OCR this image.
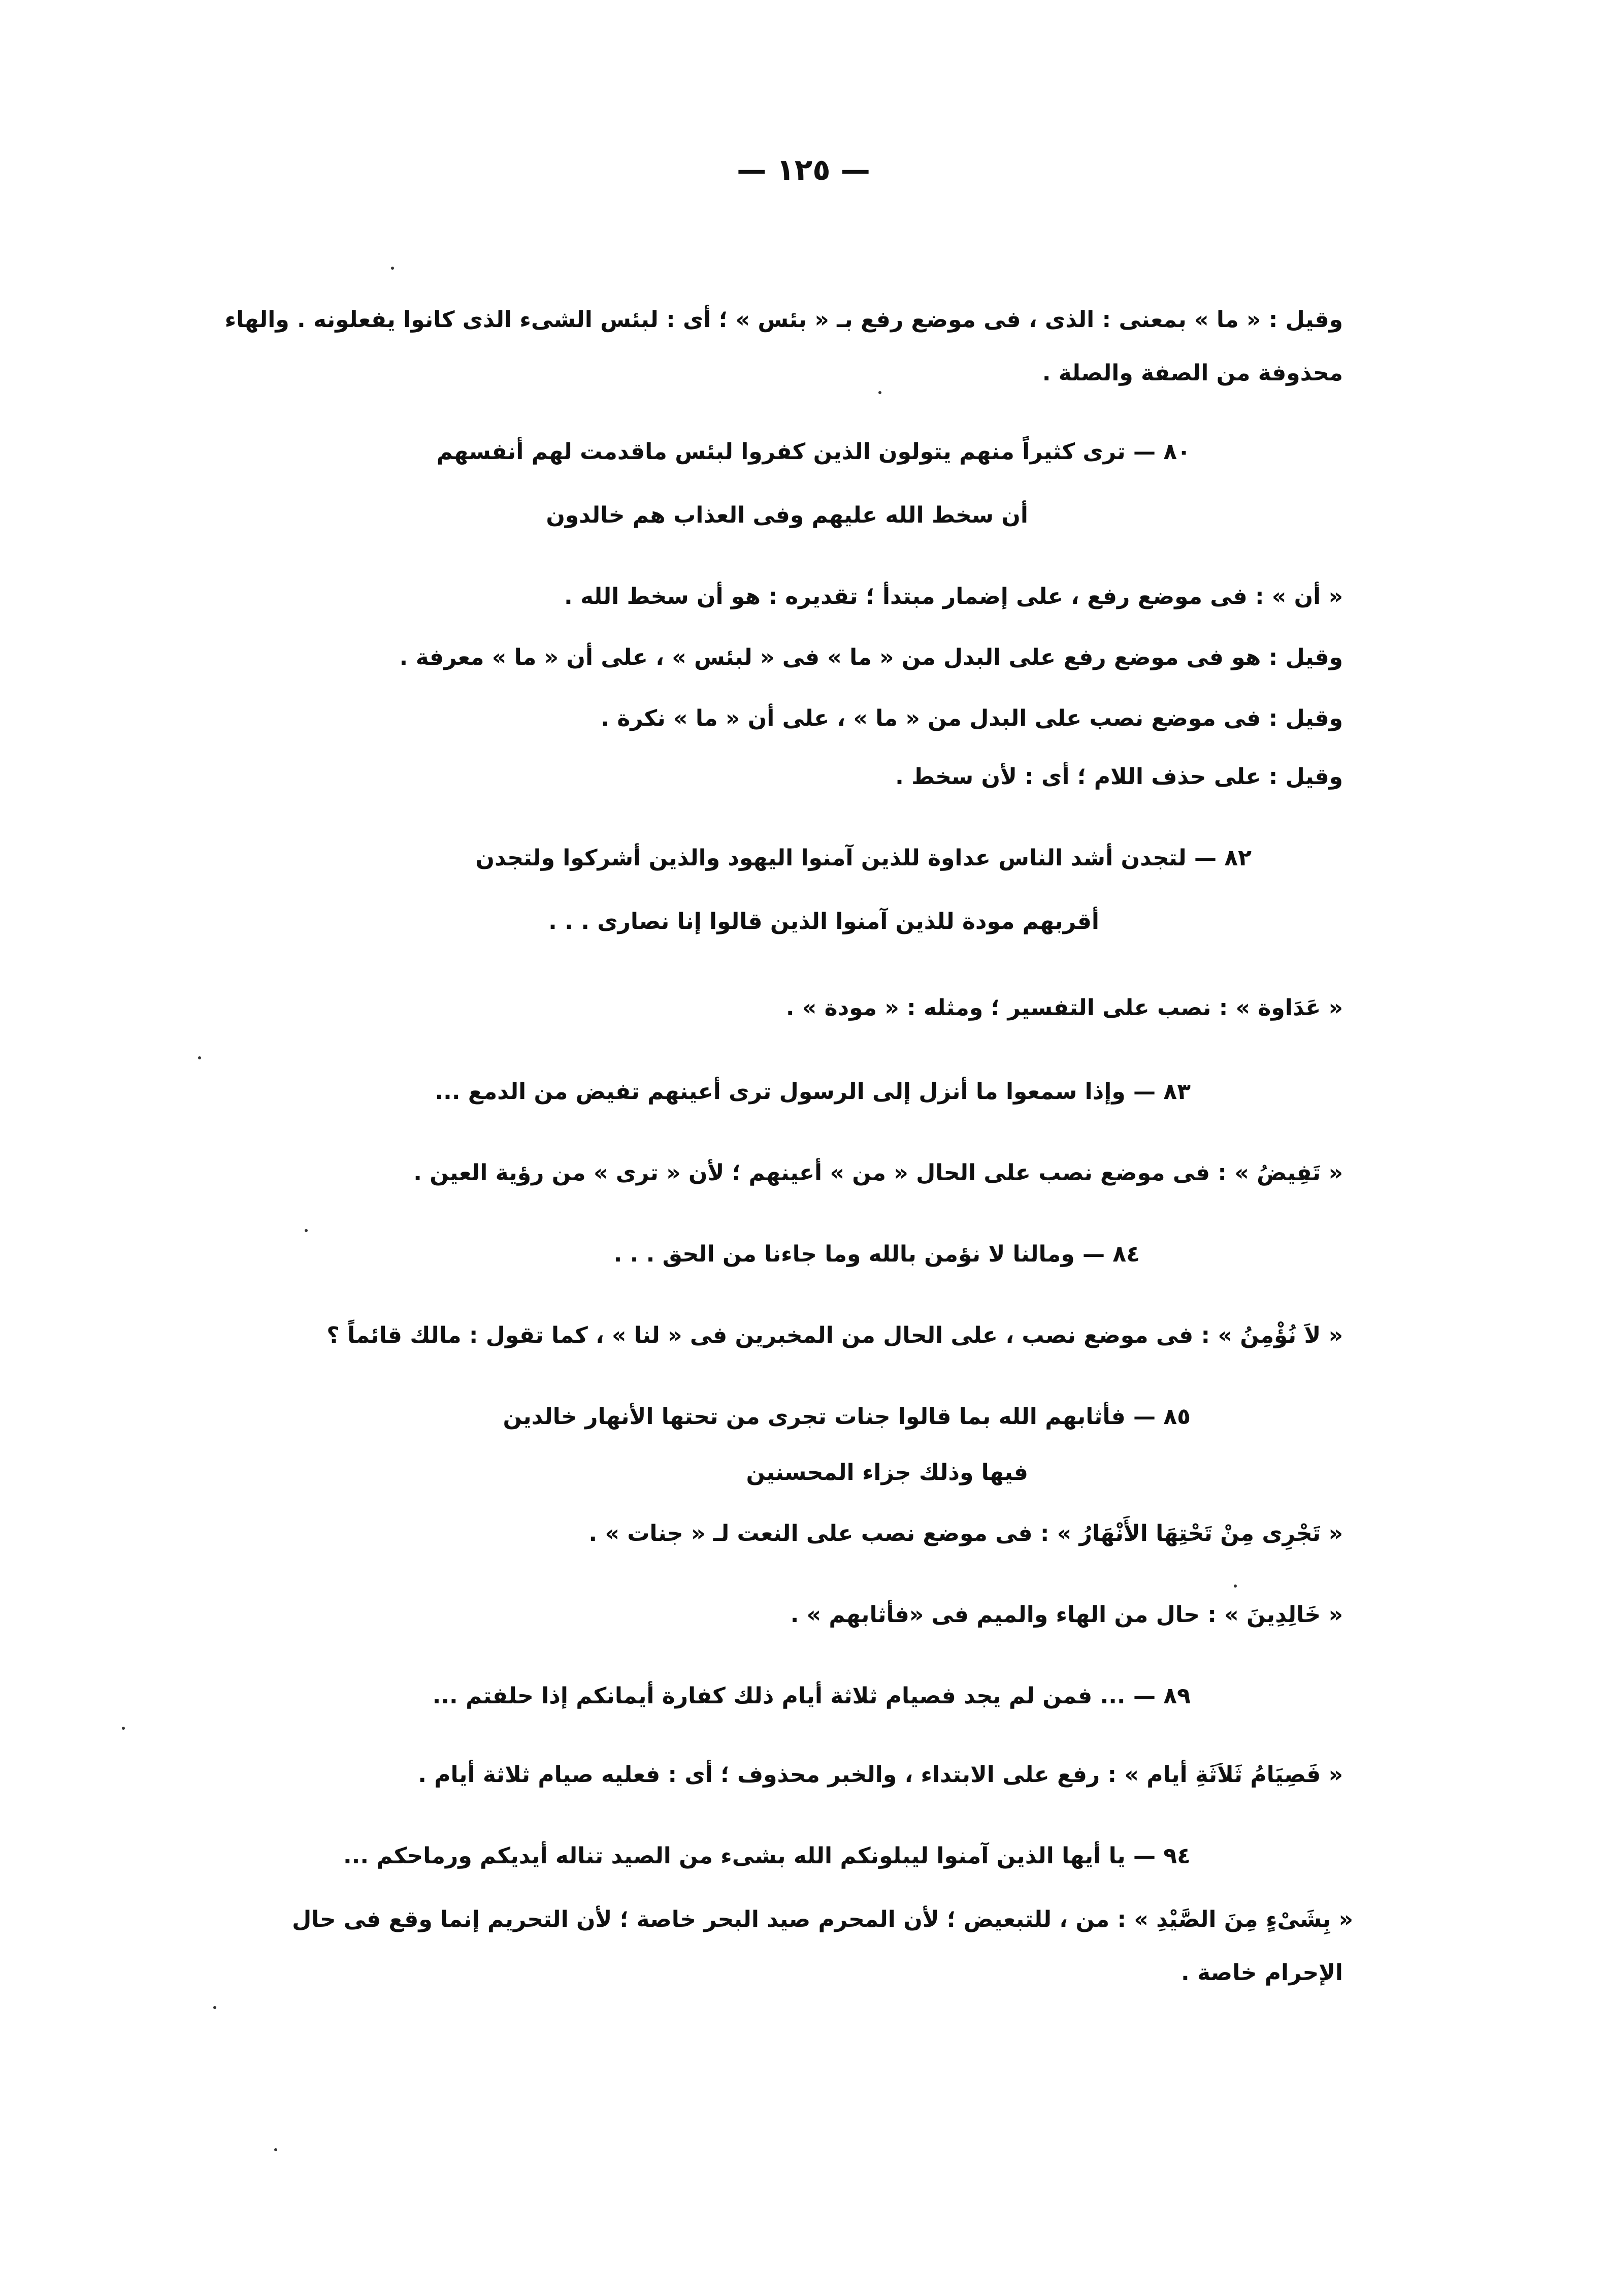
— ١٢٥ —
وقيل : « ما » بمعنى : الذى ، فى موضع رفع بـ « بئس » ؛ أى : لبئس الشىء الذى كانوا يفعلونه . والهاء
محذوفة من الصفة والصلة .
٨٠ — ترى كثيراً منهم يتولون الذين كفروا لبئس ماقدمت لهم أنفسهم
أن سخط الله عليهم وفى العذاب هم خالدون
« أن » : فى موضع رفع ، على إضمار مبتدأ ؛ تقديره : هو أن سخط الله .
وقيل : هو فى موضع رفع على البدل من « ما » فى « لبئس » ، على أن « ما » معرفة .
وقيل : فى موضع نصب على البدل من « ما » ، على أن « ما » نكرة .
وقيل : على حذف اللام ؛ أى : لأن سخط .
٨٢ — لتجدن أشد الناس عداوة للذين آمنوا اليهود والذين أشركوا ولتجدن
أقربهم مودة للذين آمنوا الذين قالوا إنا نصارى . . .
« عَدَاوة » : نصب على التفسير ؛ ومثله : « مودة » .
٨٣ — وإذا سمعوا ما أنزل إلى الرسول ترى أعينهم تفيض من الدمع ...
« تَفِيضُ » : فى موضع نصب على الحال « من » أعينهم ؛ لأن « ترى » من رؤية العين .
٨٤ — ومالنا لا نؤمن بالله وما جاءنا من الحق . . .
« لاَ نُؤْمِنُ » : فى موضع نصب ، على الحال من المخبرين فى « لنا » ، كما تقول : مالك قائماً ؟
٨٥ — فأثابهم الله بما قالوا جنات تجرى من تحتها الأنهار خالدين
فيها وذلك جزاء المحسنين
« تَجْرِى مِنْ تَحْتِهَا الأَنْهَارُ » : فى موضع نصب على النعت لـ « جنات » .
« خَالِدِينَ » : حال من الهاء والميم فى «فأثابهم » .
٨٩ — ... فمن لم يجد فصيام ثلاثة أيام ذلك كفارة أيمانكم إذا حلفتم ...
« فَصِيَامُ ثَلاَثَةِ أيام » : رفع على الابتداء ، والخبر محذوف ؛ أى : فعليه صيام ثلاثة أيام .
٩٤ — يا أيها الذين آمنوا ليبلونكم الله بشىء من الصيد تناله أيديكم ورماحكم ...
« بِشَىْءٍ مِنَ الصَّيْدِ » : من ، للتبعيض ؛ لأن المحرم صيد البحر خاصة ؛ لأن التحريم إنما وقع فى حال
الإحرام خاصة .
